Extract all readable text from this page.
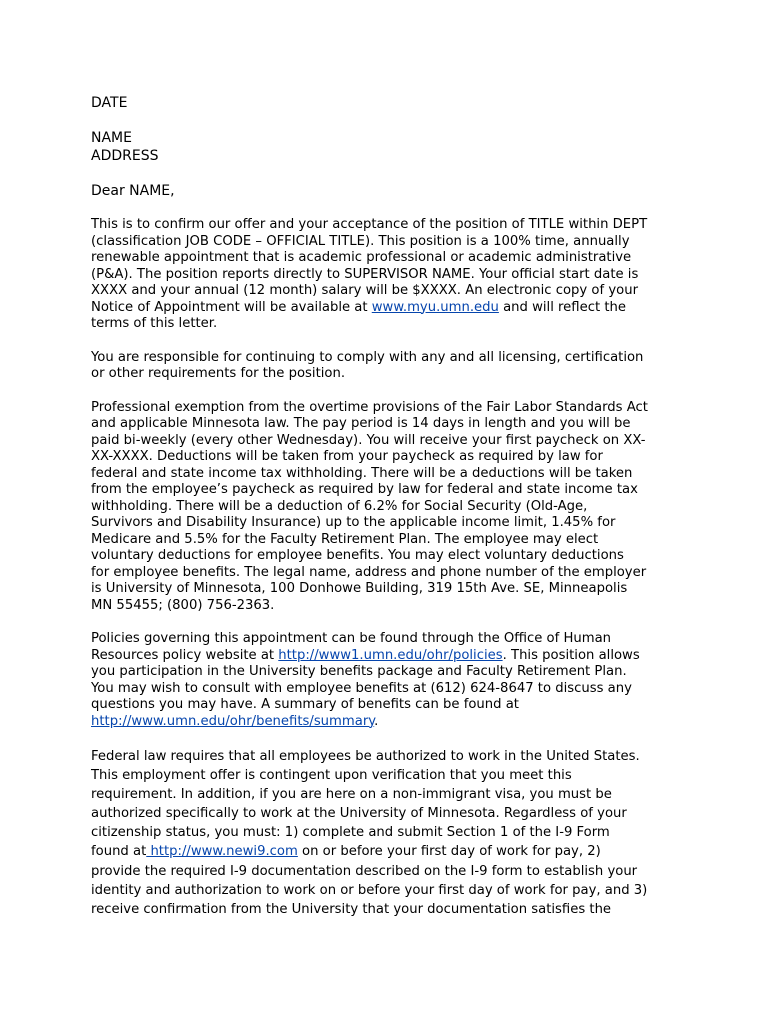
DATE

NAME

ADDRESS

Dear NAME,

This is to confirm our offer and your acceptance of the position of TITLE within DEPT
(classification JOB CODE – OFFICIAL TITLE). This position is a 100% time, annually
renewable appointment that is academic professional or academic administrative
(P&A). The position reports directly to SUPERVISOR NAME. Your official start date is
XXXX and your annual (12 month) salary will be $XXXX. An electronic copy of your
Notice of Appointment will be available at www.myu.umn.edu and will reflect the
terms of this letter.
You are responsible for continuing to comply with any and all licensing, certification
or other requirements for the position.
Professional exemption from the overtime provisions of the Fair Labor Standards Act
and applicable Minnesota law. The pay period is 14 days in length and you will be
paid bi-weekly (every other Wednesday). You will receive your first paycheck on XX-
XX-XXXX. Deductions will be taken from your paycheck as required by law for
federal and state income tax withholding. There will be a deductions will be taken
from the employee’s paycheck as required by law for federal and state income tax
withholding. There will be a deduction of 6.2% for Social Security (Old-Age,
Survivors and Disability Insurance) up to the applicable income limit, 1.45% for
Medicare and 5.5% for the Faculty Retirement Plan. The employee may elect
voluntary deductions for employee benefits. You may elect voluntary deductions
for employee benefits. The legal name, address and phone number of the employer
is University of Minnesota, 100 Donhowe Building, 319 15th Ave. SE, Minneapolis
MN 55455; (800) 756-2363.
Policies governing this appointment can be found through the Office of Human
Resources policy website at http://www1.umn.edu/ohr/policies. This position allows
you participation in the University benefits package and Faculty Retirement Plan.
You may wish to consult with employee benefits at (612) 624-8647 to discuss any
questions you may have. A summary of benefits can be found at
http://www.umn.edu/ohr/benefits/summary.
Federal law requires that all employees be authorized to work in the United States.
This employment offer is contingent upon verification that you meet this
requirement. In addition, if you are here on a non-immigrant visa, you must be
authorized specifically to work at the University of Minnesota. Regardless of your
citizenship status, you must: 1) complete and submit Section 1 of the I-9 Form
found at http://www.newi9.com on or before your first day of work for pay, 2)
provide the required I-9 documentation described on the I-9 form to establish your
identity and authorization to work on or before your first day of work for pay, and 3)
receive confirmation from the University that your documentation satisfies the
